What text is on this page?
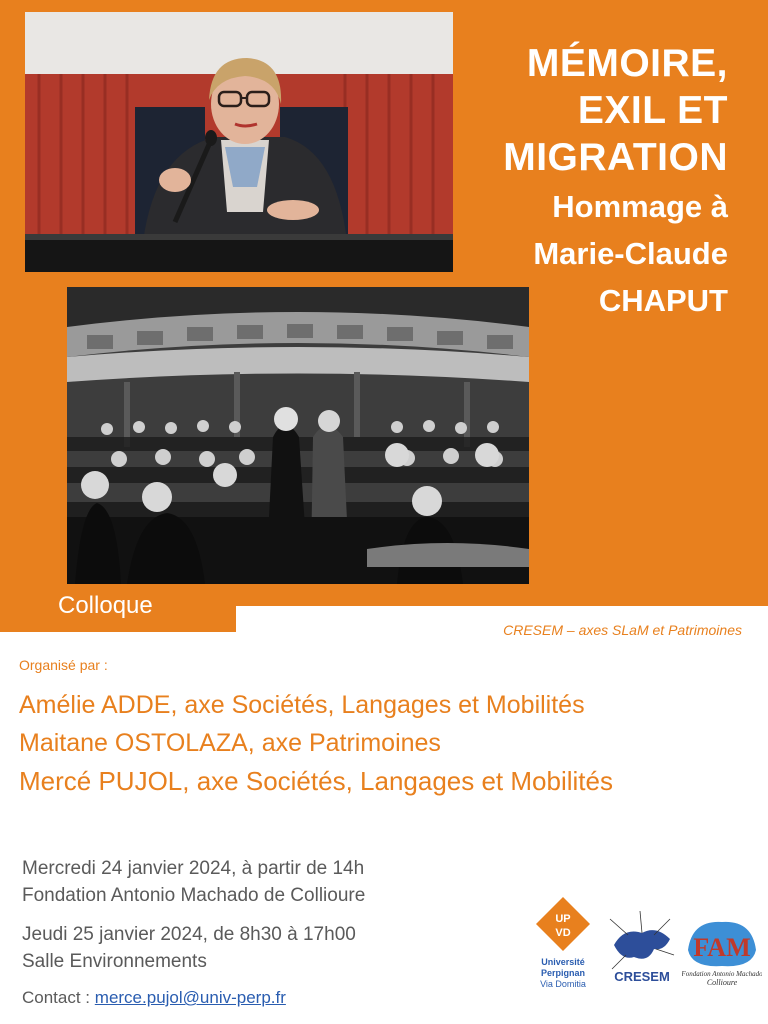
Colloque
MÉMOIRE,
EXIL ET
MIGRATION
Hommage à
Marie-Claude
CHAPUT
CRESEM – axes SLaM et Patrimoines
Organisé par :
Amélie ADDE, axe Sociétés, Langages et Mobilités
Maitane OSTOLAZA, axe Patrimoines
Mercé PUJOL, axe Sociétés, Langages et Mobilités
Mercredi 24 janvier 2024, à partir de 14h
Fondation Antonio Machado de Collioure
Jeudi 25 janvier 2024, de 8h30 à 17h00
Salle Environnements
Contact : merce.pujol@univ-perp.fr
UP
VD
Université
Perpignan
Via Domitia CRESEM
FAM
Fondation Antonio Machado
Collioure
